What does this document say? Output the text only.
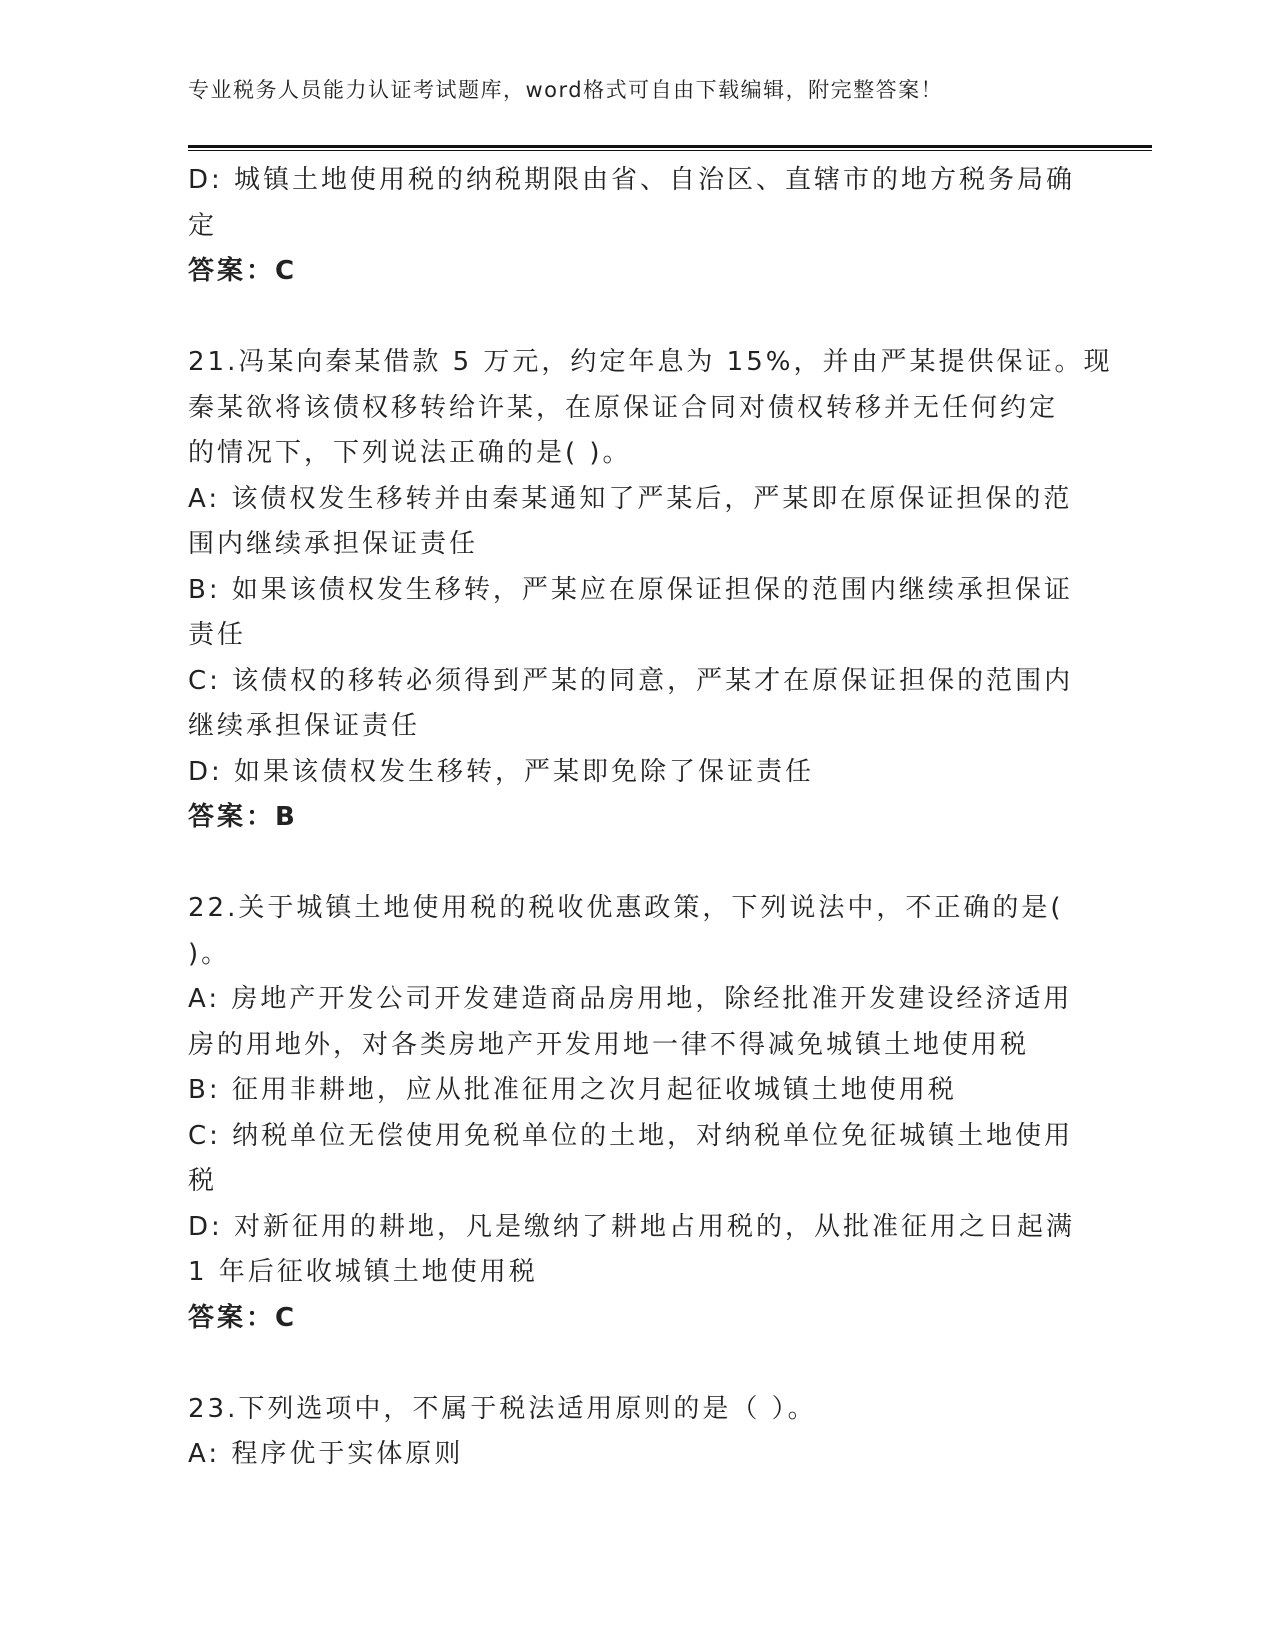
专业税务人员能力认证考试题库，word格式可自由下载编辑，附完整答案！
D: 城镇土地使用税的纳税期限由省、自治区、直辖市的地方税务局确
定
答案：C
21.冯某向秦某借款 5 万元，约定年息为 15%，并由严某提供保证。现
秦某欲将该债权移转给许某，在原保证合同对债权转移并无任何约定
的情况下，下列说法正确的是( )。
A: 该债权发生移转并由秦某通知了严某后，严某即在原保证担保的范
围内继续承担保证责任
B: 如果该债权发生移转，严某应在原保证担保的范围内继续承担保证
责任
C: 该债权的移转必须得到严某的同意，严某才在原保证担保的范围内
继续承担保证责任
D: 如果该债权发生移转，严某即免除了保证责任
答案：B
22.关于城镇土地使用税的税收优惠政策，下列说法中，不正确的是(
)。
A: 房地产开发公司开发建造商品房用地，除经批准开发建设经济适用
房的用地外，对各类房地产开发用地一律不得减免城镇土地使用税
B: 征用非耕地，应从批准征用之次月起征收城镇土地使用税
C: 纳税单位无偿使用免税单位的土地，对纳税单位免征城镇土地使用
税
D: 对新征用的耕地，凡是缴纳了耕地占用税的，从批准征用之日起满
1 年后征收城镇土地使用税
答案：C
23.下列选项中，不属于税法适用原则的是（ ）。
A: 程序优于实体原则
